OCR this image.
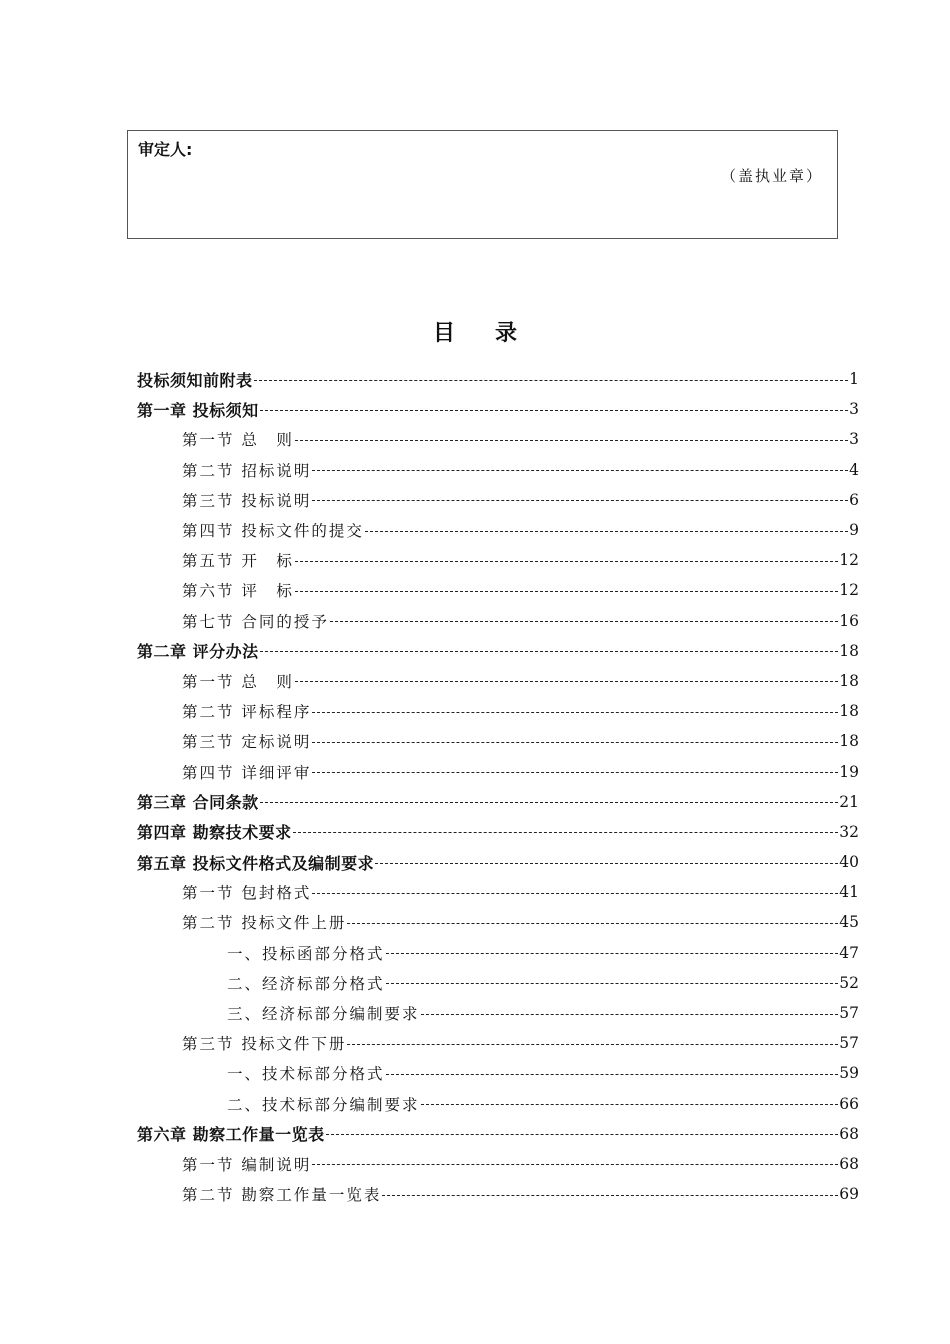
审定人:
（盖执业章）
目录
投标须知前附表	1
第一章 投标须知	3
第一节 总　则	3
第二节 招标说明	4
第三节 投标说明	6
第四节 投标文件的提交	9
第五节 开　标	12
第六节 评　标	12
第七节 合同的授予	16
第二章 评分办法	18
第一节 总　则	18
第二节 评标程序	18
第三节 定标说明	18
第四节 详细评审	19
第三章 合同条款	21
第四章 勘察技术要求	32
第五章 投标文件格式及编制要求	40
第一节 包封格式	41
第二节 投标文件上册	45
一、投标函部分格式	47
二、经济标部分格式	52
三、经济标部分编制要求	57
第三节 投标文件下册	57
一、技术标部分格式	59
二、技术标部分编制要求	66
第六章 勘察工作量一览表	68
第一节 编制说明	68
第二节 勘察工作量一览表	69
